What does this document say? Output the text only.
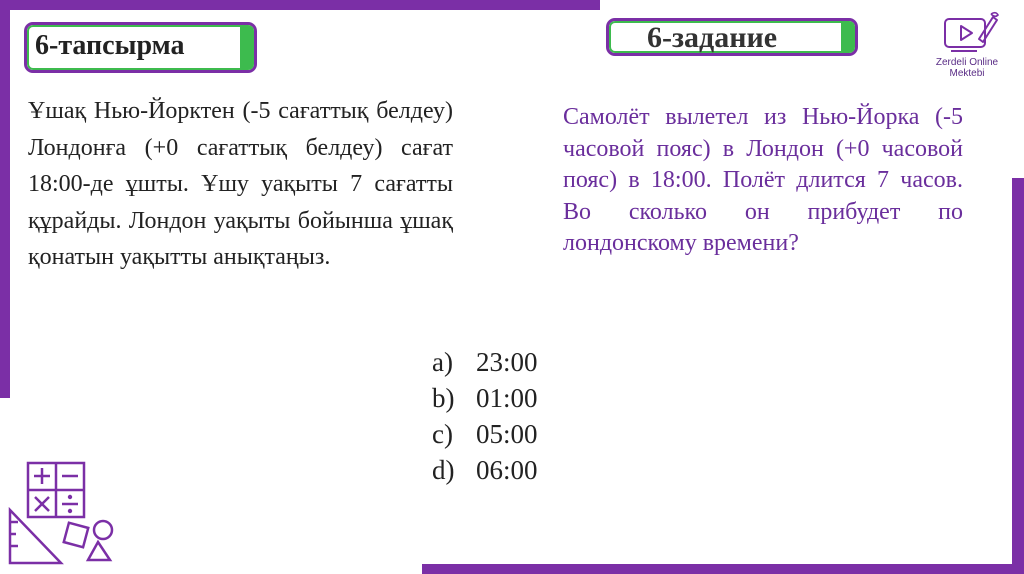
6-тапсырма	6-задание
Ұшақ Нью-Йорктен (-5 сағаттық белдеу) Лондонға (+0 сағаттық белдеу) сағат 18:00-де ұшты. Ұшу уақыты 7 сағатты құрайды. Лондон уақыты бойынша ұшақ қонатын уақытты анықтаңыз.
Самолёт вылетел из Нью-Йорка (-5 часовой пояс) в Лондон (+0 часовой пояс) в 18:00. Полёт длится 7 часов. Во сколько он прибудет по лондонскому времени?
a) 23:00
b) 01:00
c) 05:00
d) 06:00
Zerdeli Online
Mektebi
